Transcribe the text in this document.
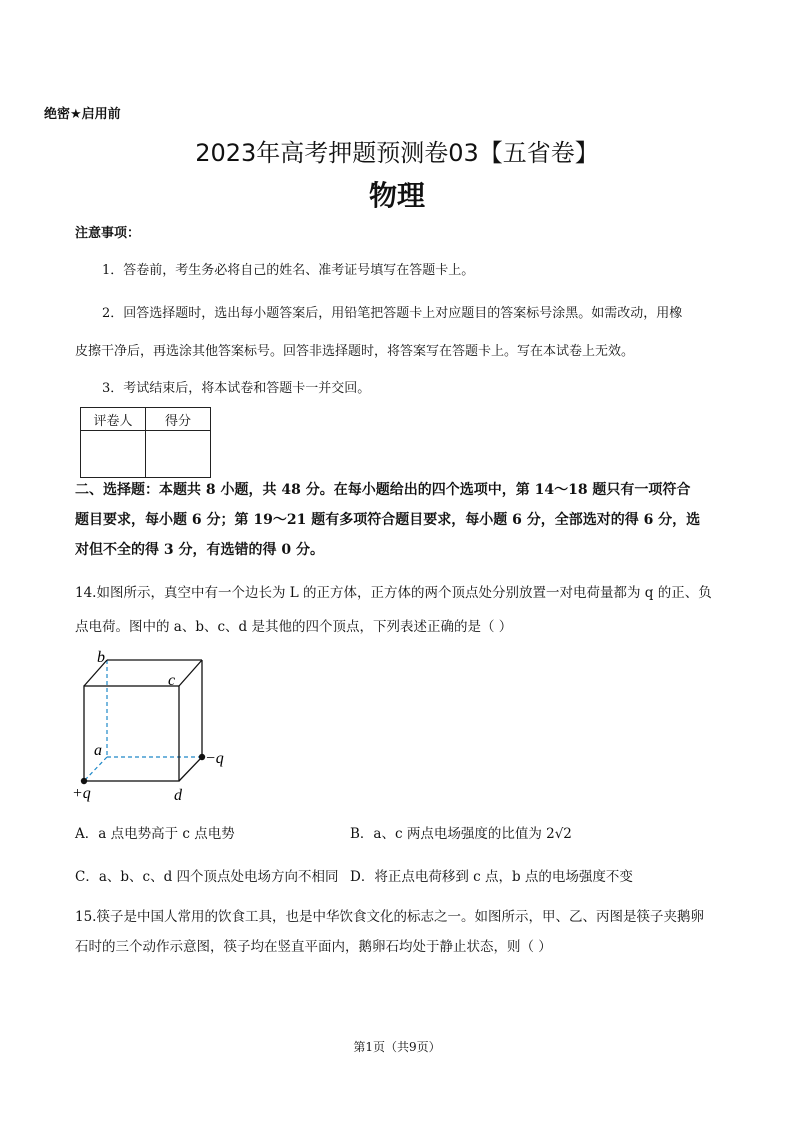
绝密★启用前
2023年高考押题预测卷03【五省卷】
物理
注意事项：
1．答卷前，考生务必将自己的姓名、准考证号填写在答题卡上。
2．回答选择题时，选出每小题答案后，用铅笔把答题卡上对应题目的答案标号涂黑。如需改动，用橡
皮擦干净后，再选涂其他答案标号。回答非选择题时，将答案写在答题卡上。写在本试卷上无效。
3．考试结束后，将本试卷和答题卡一并交回。
评卷人	得分

二、选择题：本题共 8 小题，共 48 分。在每小题给出的四个选项中，第 14～18 题只有一项符合
题目要求，每小题 6 分；第 19～21 题有多项符合题目要求，每小题 6 分，全部选对的得 6 分，选
对但不全的得 3 分，有选错的得 0 分。
14.如图所示，真空中有一个边长为 L 的正方体，正方体的两个顶点处分别放置一对电荷量都为 q 的正、负
点电荷。图中的 a、b、c、d 是其他的四个顶点，下列表述正确的是（ ）
b
c
a	−q
+q	d
A．a 点电势高于 c 点电势	B．a、c 两点电场强度的比值为 2√2
C．a、b、c、d 四个顶点处电场方向不相同 D．将正点电荷移到 c 点，b 点的电场强度不变
15.筷子是中国人常用的饮食工具，也是中华饮食文化的标志之一。如图所示，甲、乙、丙图是筷子夹鹅卵
石时的三个动作示意图，筷子均在竖直平面内，鹅卵石均处于静止状态，则（ ）
第1页（共9页）
